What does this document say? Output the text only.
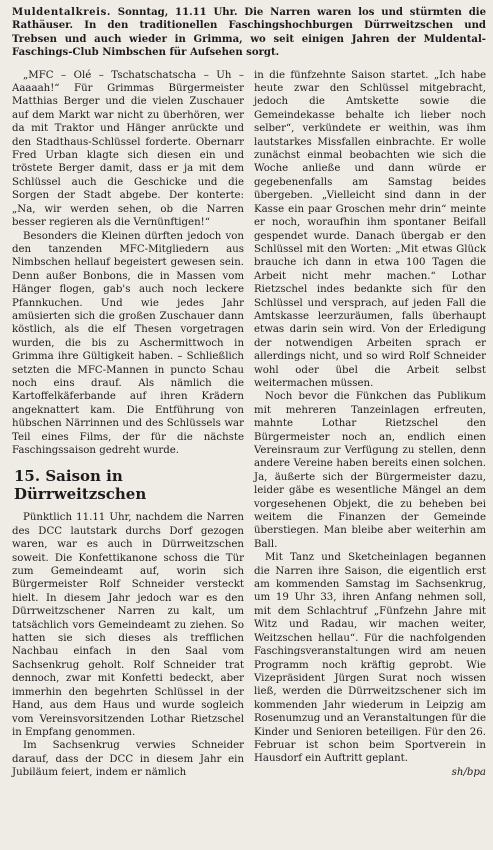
Muldentalkreis. Sonntag, 11.11 Uhr. Die Narren waren los und stürmten die Rathäuser. In den traditionellen Faschingshochburgen Dürrweitzschen und Trebsen und auch wieder in Grimma, wo seit einigen Jahren der Muldental-Faschings-Club Nimbschen für Aufsehen sorgt.

„MFC – Olé – Tschatschatscha – Uh – Aaaaah!“ Für Grimmas Bürgermeister Matthias Berger und die vielen Zuschauer auf dem Markt war nicht zu überhören, wer da mit Traktor und Hänger anrückte und den Stadthaus-Schlüssel forderte. Obernarr Fred Urban klagte sich diesen ein und tröstete Berger damit, dass er ja mit dem Schlüssel auch die Geschicke und die Sorgen der Stadt abgebe. Der konterte: „Na, wir werden sehen, ob die Narren besser regieren als die Vernünftigen!“

Besonders die Kleinen dürften jedoch von den tanzenden MFC-Mitgliedern aus Nimbschen hellauf begeistert gewesen sein. Denn außer Bonbons, die in Massen vom Hänger flogen, gab's auch noch leckere Pfannkuchen. Und wie jedes Jahr amüsierten sich die großen Zuschauer dann köstlich, als die elf Thesen vorgetragen wurden, die bis zu Aschermittwoch in Grimma ihre Gültigkeit haben. – Schließlich setzten die MFC-Mannen in puncto Schau noch eins drauf. Als nämlich die Kartoffelkäferbande auf ihren Krädern angeknattert kam. Die Entführung von hübschen Närrinnen und des Schlüssels war Teil eines Films, der für die nächste Faschingssaison gedreht wurde.

15. Saison in Dürrweitzschen

Pünktlich 11.11 Uhr, nachdem die Narren des DCC lautstark durchs Dorf gezogen waren, war es auch in Dürrweitzschen soweit. Die Konfettikanone schoss die Tür zum Gemeindeamt auf, worin sich Bürgermeister Rolf Schneider versteckt hielt. In diesem Jahr jedoch war es den Dürrweitzschener Narren zu kalt, um tatsächlich vors Gemeindeamt zu ziehen. So hatten sie sich dieses als trefflichen Nachbau einfach in den Saal vom Sachsenkrug geholt. Rolf Schneider trat dennoch, zwar mit Konfetti bedeckt, aber immerhin den begehrten Schlüssel in der Hand, aus dem Haus und wurde sogleich vom Vereinsvorsitzenden Lothar Rietzschel in Empfang genommen.

Im Sachsenkrug verwies Schneider darauf, dass der DCC in diesem Jahr ein Jubiläum feiert, indem er nämlich

in die fünfzehnte Saison startet. „Ich habe heute zwar den Schlüssel mitgebracht, jedoch die Amtskette sowie die Gemeindekasse behalte ich lieber noch selber“, verkündete er weithin, was ihm lautstarkes Missfallen einbrachte. Er wolle zunächst einmal beobachten wie sich die Woche anließe und dann würde er gegebenenfalls am Samstag beides übergeben. „Vielleicht sind dann in der Kasse ein paar Groschen mehr drin“ meinte er noch, woraufhin ihm spontaner Beifall gespendet wurde. Danach übergab er den Schlüssel mit den Worten: „Mit etwas Glück brauche ich dann in etwa 100 Tagen die Arbeit nicht mehr machen.“ Lothar Rietzschel indes bedankte sich für den Schlüssel und versprach, auf jeden Fall die Amtskasse leerzuräumen, falls überhaupt etwas darin sein wird. Von der Erledigung der notwendigen Arbeiten sprach er allerdings nicht, und so wird Rolf Schneider wohl oder übel die Arbeit selbst weitermachen müssen.

Noch bevor die Fünkchen das Publikum mit mehreren Tanzeinlagen erfreuten, mahnte Lothar Rietzschel den Bürgermeister noch an, endlich einen Vereinsraum zur Verfügung zu stellen, denn andere Vereine haben bereits einen solchen. Ja, äußerte sich der Bürgermeister dazu, leider gäbe es wesentliche Mängel an dem vorgesehenen Objekt, die zu beheben bei weitem die Finanzen der Gemeinde überstiegen. Man bleibe aber weiterhin am Ball.

Mit Tanz und Sketcheinlagen begannen die Narren ihre Saison, die eigentlich erst am kommenden Samstag im Sachsenkrug, um 19 Uhr 33, ihren Anfang nehmen soll, mit dem Schlachtruf „Fünfzehn Jahre mit Witz und Radau, wir machen weiter, Weitzschen hellau“. Für die nachfolgenden Faschingsveranstaltungen wird am neuen Programm noch kräftig geprobt. Wie Vizepräsident Jürgen Surat noch wissen ließ, werden die Dürrweitzschener sich im kommenden Jahr wiederum in Leipzig am Rosenumzug und an Veranstaltungen für die Kinder und Senioren beteiligen. Für den 26. Februar ist schon beim Sportverein in Hausdorf ein Auftritt geplant.

sh/bpa
